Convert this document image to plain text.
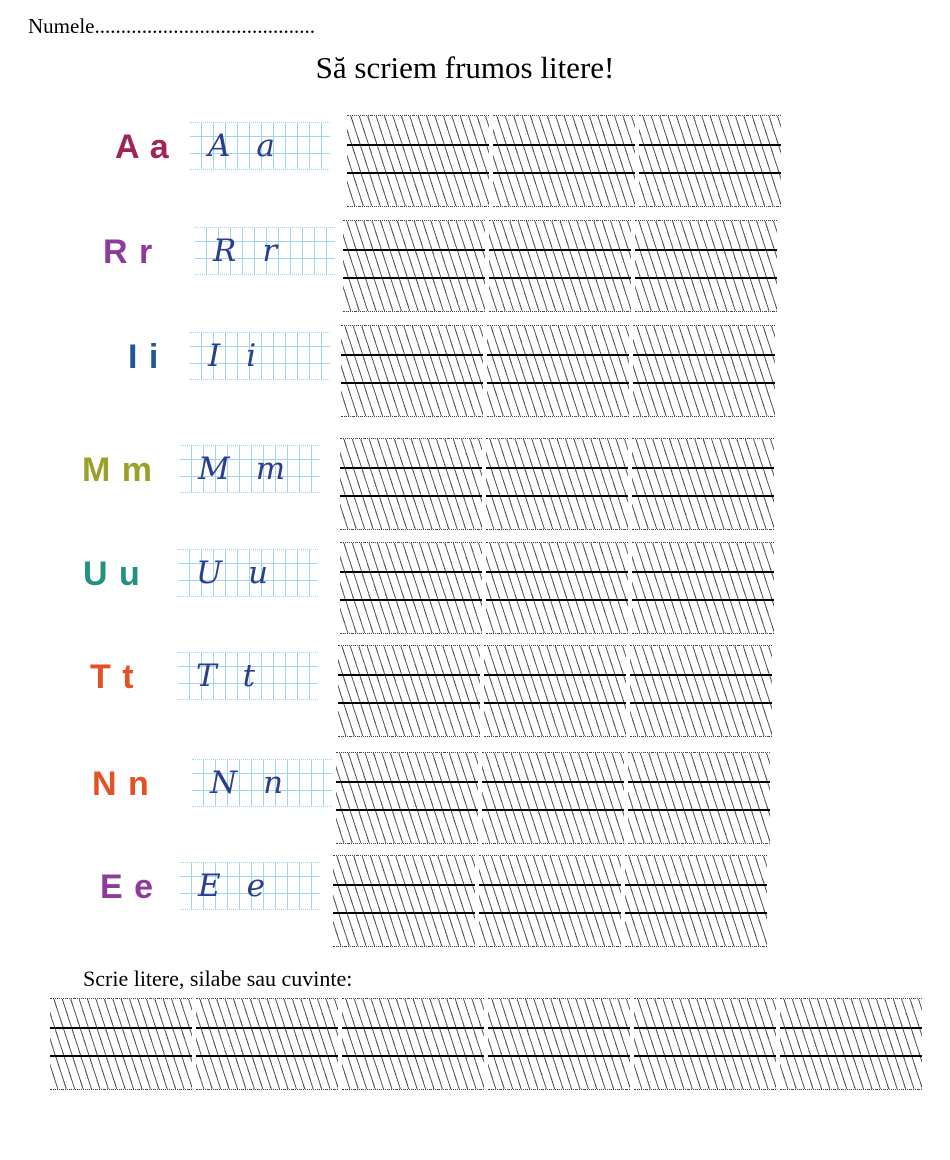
Numele..........................................
Să scriem frumos litere!
A a Aa
R r Rr
I i Ii
M m Mm
U u Uu
T t Tt
N n Nn
E e Ee
Scrie litere, silabe sau cuvinte:
